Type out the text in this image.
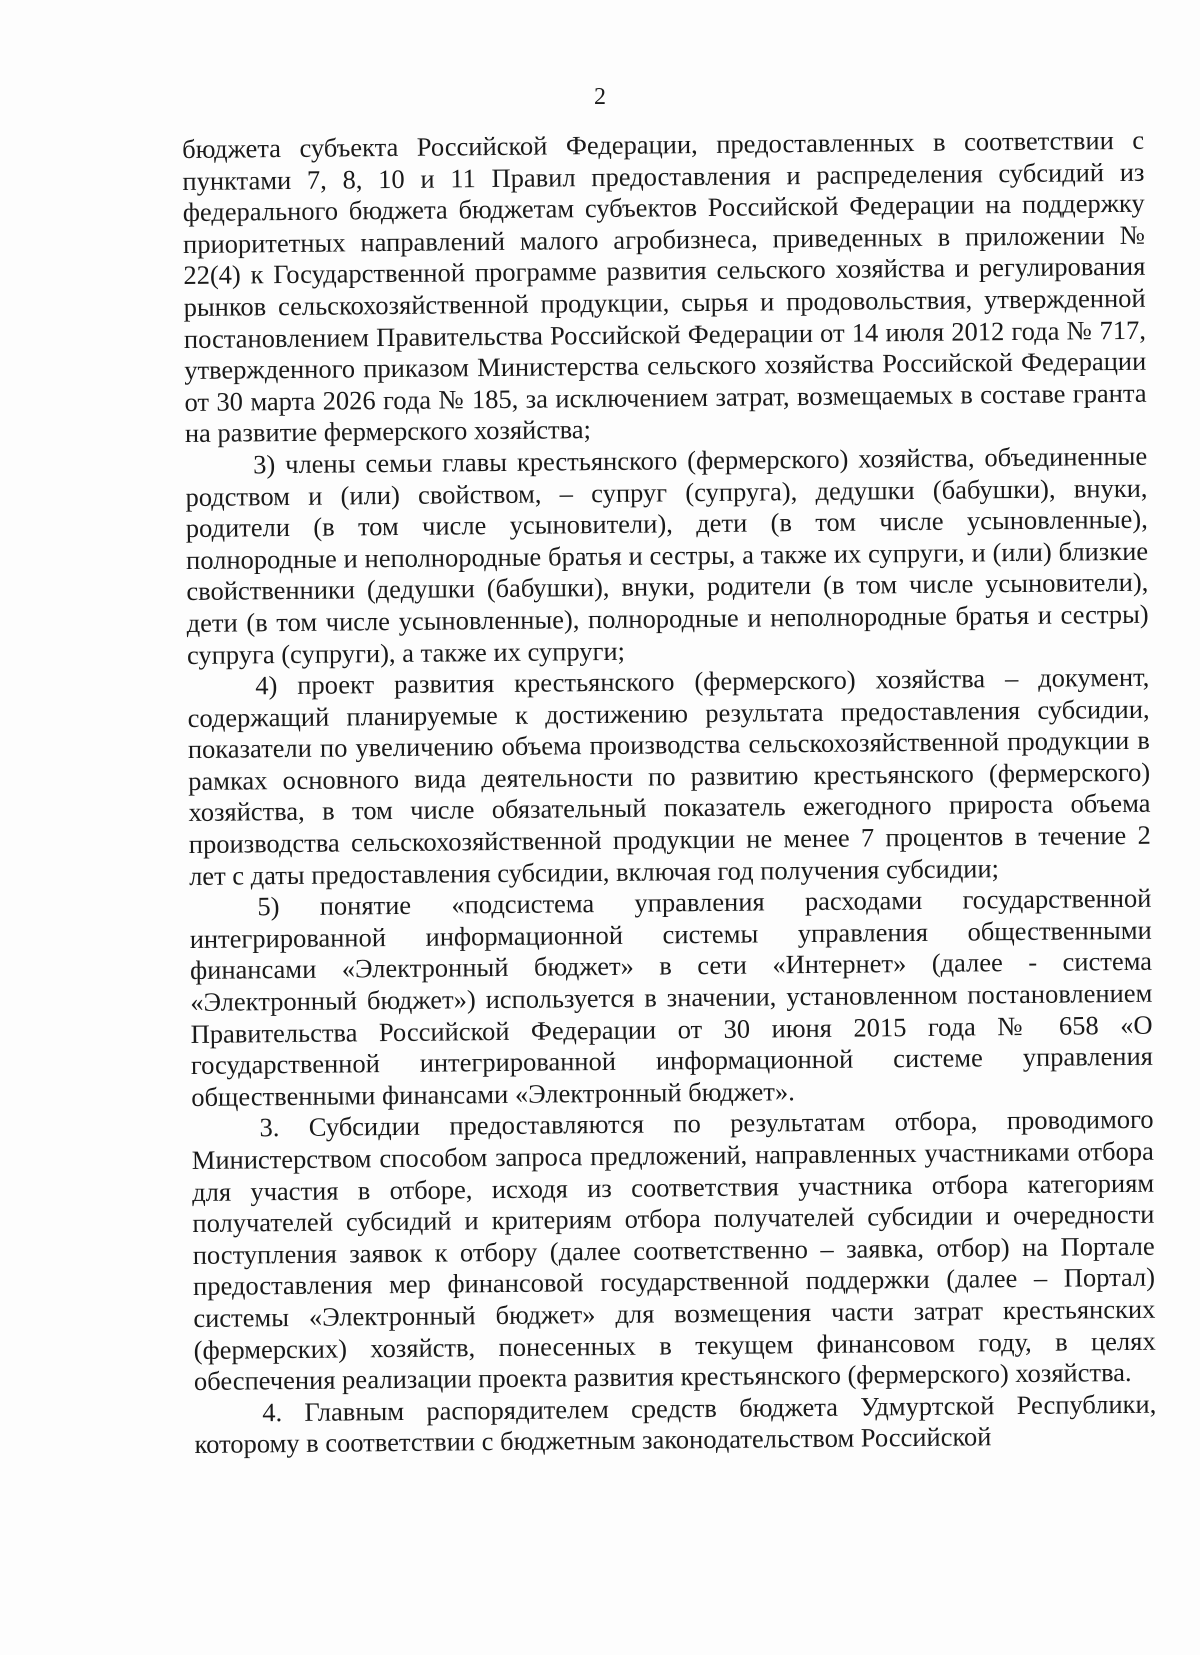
2

бюджета субъекта Российской Федерации, предоставленных в соответствии с пунктами 7, 8, 10 и 11 Правил предоставления и распределения субсидий из федерального бюджета бюджетам субъектов Российской Федерации на поддержку приоритетных направлений малого агробизнеса, приведенных в приложении № 22(4) к Государственной программе развития сельского хозяйства и регулирования рынков сельскохозяйственной продукции, сырья и продовольствия, утвержденной постановлением Правительства Российской Федерации от 14 июля 2012 года № 717, утвержденного приказом Министерства сельского хозяйства Российской Федерации от 30 марта 2026 года № 185, за исключением затрат, возмещаемых в составе гранта на развитие фермерского хозяйства;

3) члены семьи главы крестьянского (фермерского) хозяйства, объединенные родством и (или) свойством, – супруг (супруга), дедушки (бабушки), внуки, родители (в том числе усыновители), дети (в том числе усыновленные), полнородные и неполнородные братья и сестры, а также их супруги, и (или) близкие свойственники (дедушки (бабушки), внуки, родители (в том числе усыновители), дети (в том числе усыновленные), полнородные и неполнородные братья и сестры) супруга (супруги), а также их супруги;

4) проект развития крестьянского (фермерского) хозяйства – документ, содержащий планируемые к достижению результата предоставления субсидии, показатели по увеличению объема производства сельскохозяйственной продукции в рамках основного вида деятельности по развитию крестьянского (фермерского) хозяйства, в том числе обязательный показатель ежегодного прироста объема производства сельскохозяйственной продукции не менее 7 процентов в течение 2 лет с даты предоставления субсидии, включая год получения субсидии;

5) понятие «подсистема управления расходами государственной интегрированной информационной системы управления общественными финансами «Электронный бюджет» в сети «Интернет» (далее - система «Электронный бюджет») используется в значении, установленном постановлением Правительства Российской Федерации от 30 июня 2015 года № 658 «О государственной интегрированной информационной системе управления общественными финансами «Электронный бюджет».

3. Субсидии предоставляются по результатам отбора, проводимого Министерством способом запроса предложений, направленных участниками отбора для участия в отборе, исходя из соответствия участника отбора категориям получателей субсидий и критериям отбора получателей субсидии и очередности поступления заявок к отбору (далее соответственно – заявка, отбор) на Портале предоставления мер финансовой государственной поддержки (далее – Портал) системы «Электронный бюджет» для возмещения части затрат крестьянских (фермерских) хозяйств, понесенных в текущем финансовом году, в целях обеспечения реализации проекта развития крестьянского (фермерского) хозяйства.

4. Главным распорядителем средств бюджета Удмуртской Республики, которому в соответствии с бюджетным законодательством Российской
